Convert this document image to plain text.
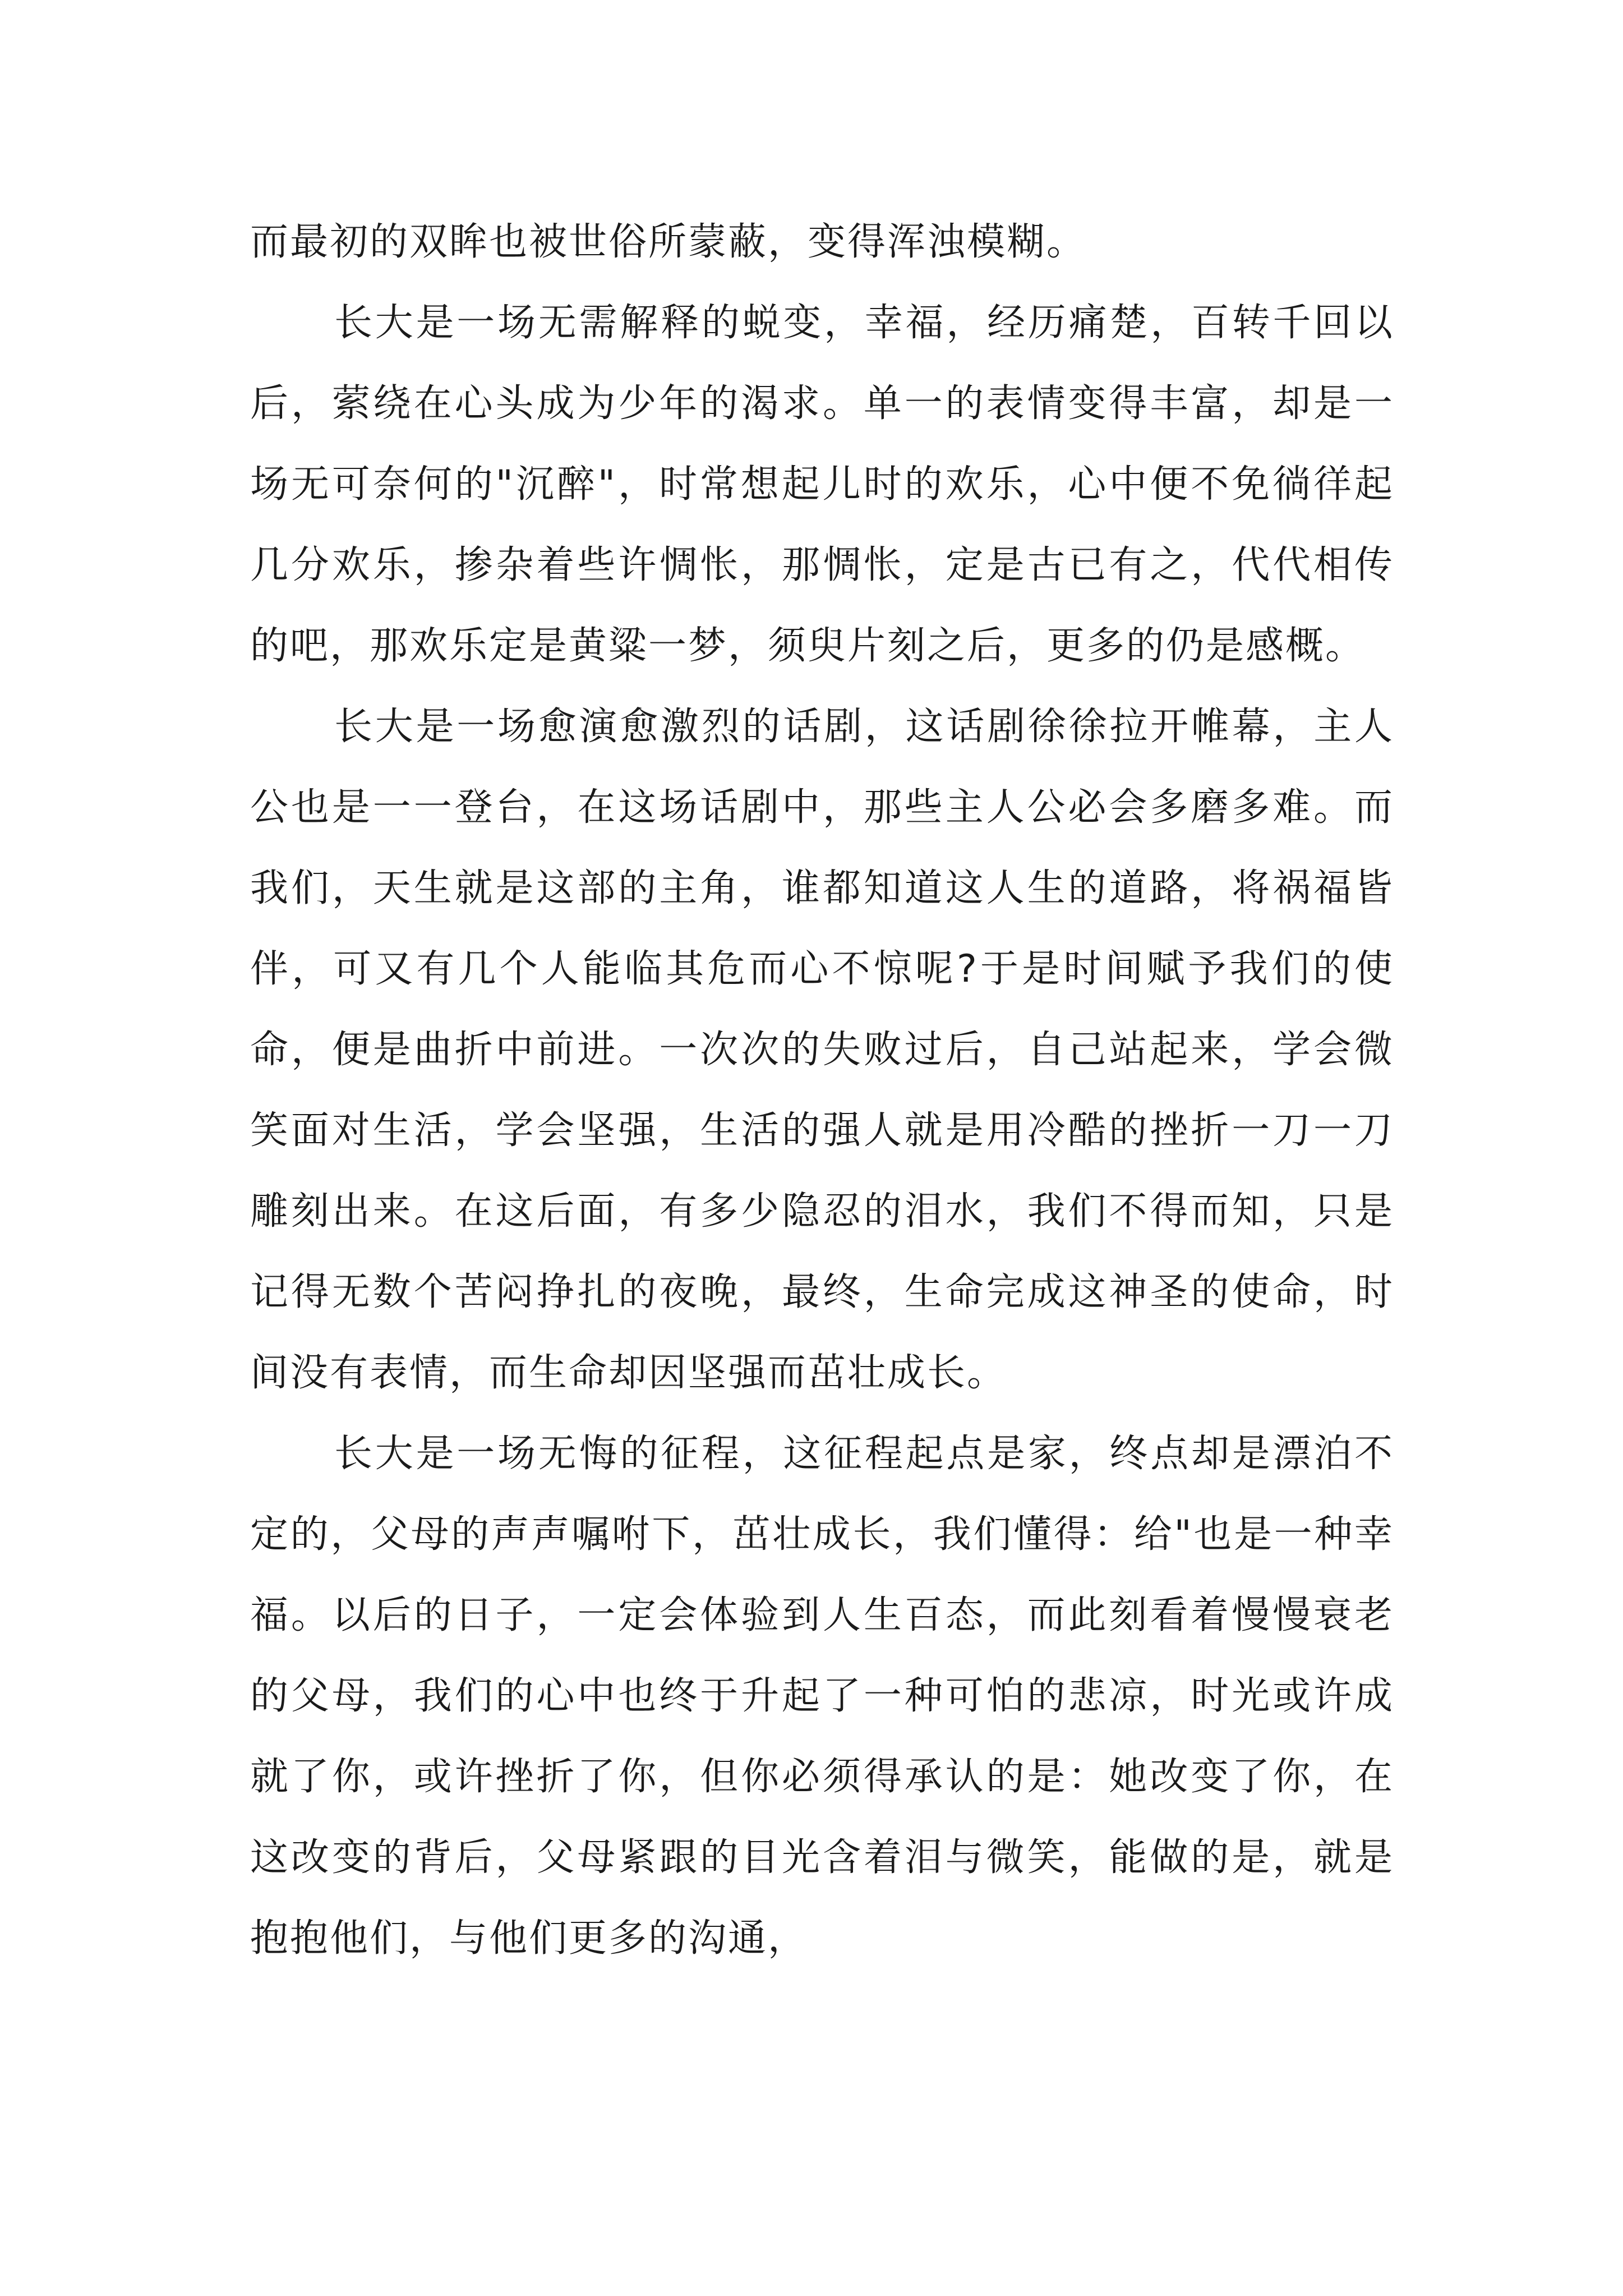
而最初的双眸也被世俗所蒙蔽，变得浑浊模糊。

长大是一场无需解释的蜕变，幸福，经历痛楚，百转千回以后，萦绕在心头成为少年的渴求。单一的表情变得丰富，却是一场无可奈何的"沉醉"，时常想起儿时的欢乐，心中便不免徜徉起几分欢乐，掺杂着些许惆怅，那惆怅，定是古已有之，代代相传的吧，那欢乐定是黄粱一梦，须臾片刻之后，更多的仍是感概。

长大是一场愈演愈激烈的话剧，这话剧徐徐拉开帷幕，主人公也是一一登台，在这场话剧中，那些主人公必会多磨多难。而我们，天生就是这部的主角，谁都知道这人生的道路，将祸福皆伴，可又有几个人能临其危而心不惊呢?于是时间赋予我们的使命，便是曲折中前进。一次次的失败过后，自己站起来，学会微笑面对生活，学会坚强，生活的强人就是用冷酷的挫折一刀一刀雕刻出来。在这后面，有多少隐忍的泪水，我们不得而知，只是记得无数个苦闷挣扎的夜晚，最终，生命完成这神圣的使命，时间没有表情，而生命却因坚强而茁壮成长。

长大是一场无悔的征程，这征程起点是家，终点却是漂泊不定的，父母的声声嘱咐下，茁壮成长，我们懂得：给"也是一种幸福。以后的日子，一定会体验到人生百态，而此刻看着慢慢衰老的父母，我们的心中也终于升起了一种可怕的悲凉，时光或许成就了你，或许挫折了你，但你必须得承认的是：她改变了你，在这改变的背后，父母紧跟的目光含着泪与微笑，能做的是，就是抱抱他们，与他们更多的沟通，
